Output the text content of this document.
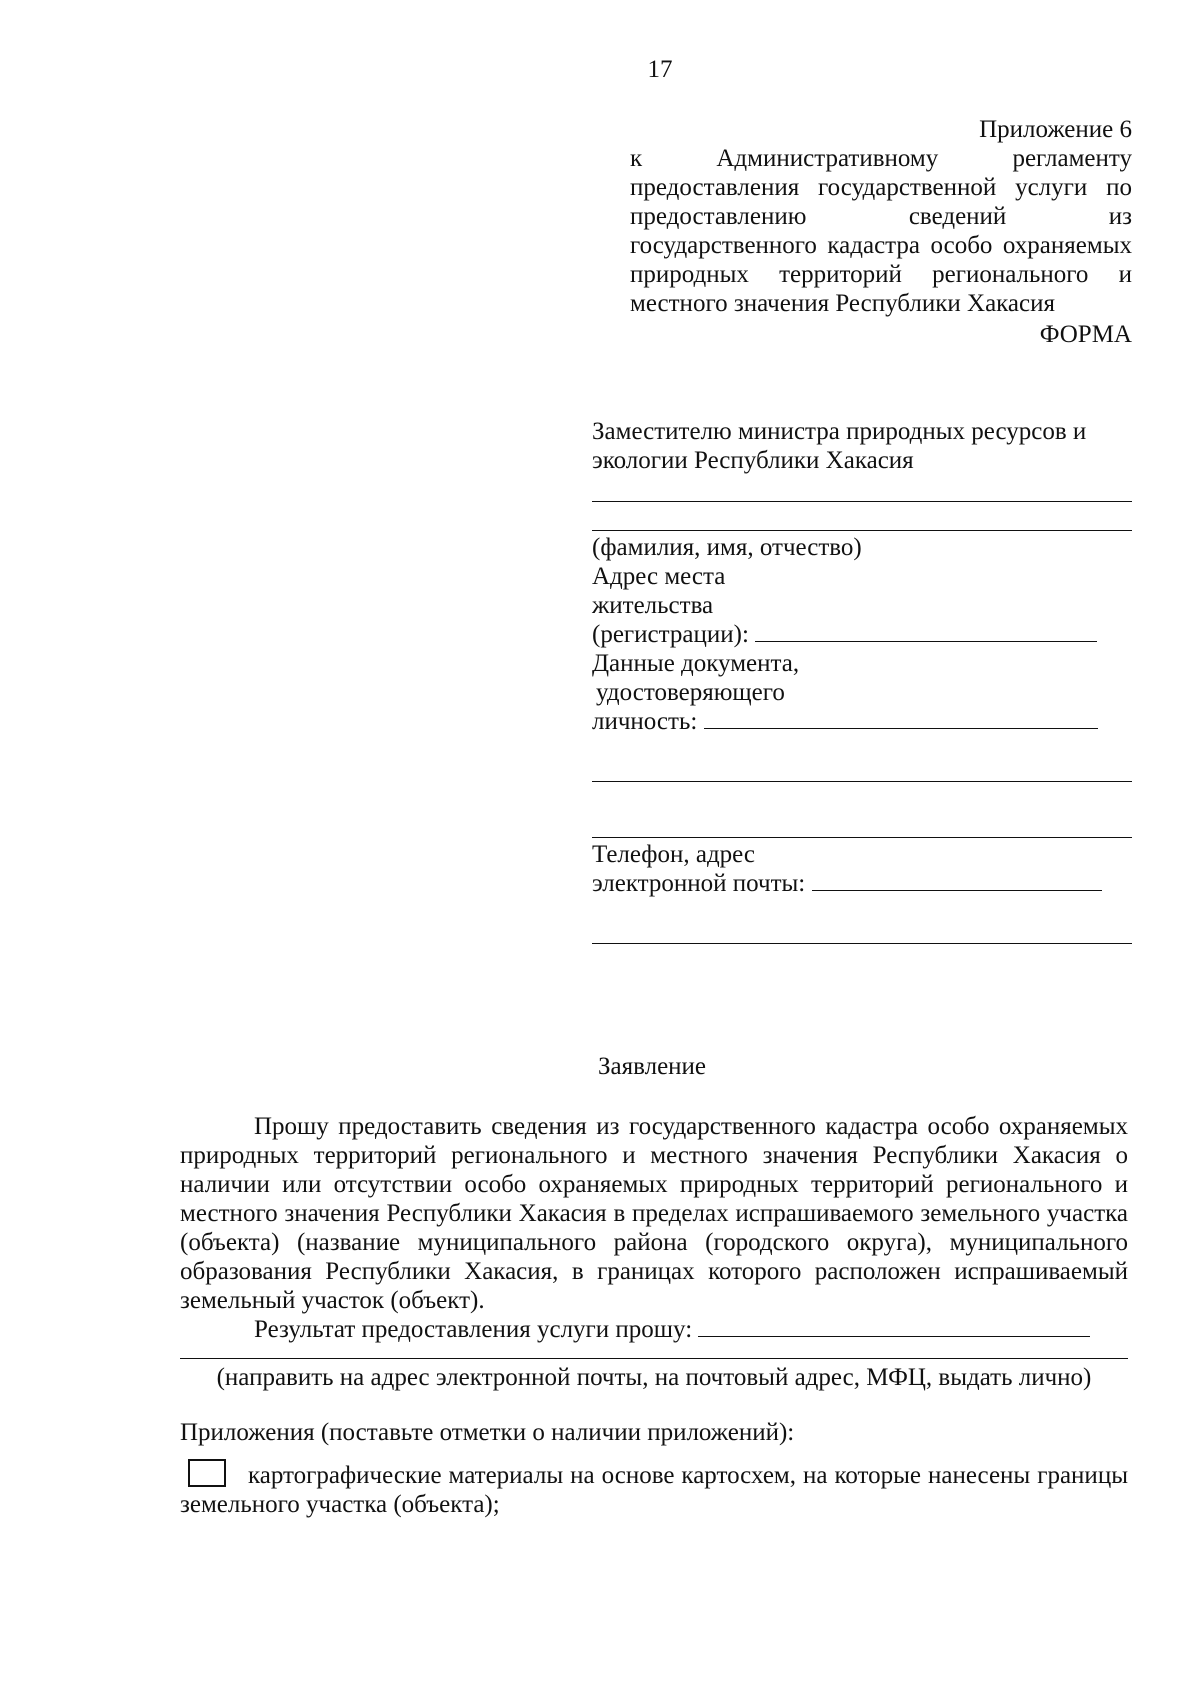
17
Приложение 6
к Административному регламенту
предоставления государственной услуги по предоставлению сведений из государственного кадастра особо охраняемых природных территорий регионального и местного значения Республики Хакасия
ФОРМА
Заместителю министра природных ресурсов и экологии Республики Хакасия
(фамилия, имя, отчество)
Адрес места
жительства
(регистрации):
Данные документа,
удостоверяющего
личность:
Телефон, адрес
электронной почты:
Заявление

Прошу предоставить сведения из государственного кадастра особо охраняемых природных территорий регионального и местного значения Республики Хакасия о наличии или отсутствии особо охраняемых природных территорий регионального и местного значения Республики Хакасия в пределах испрашиваемого земельного участка (объекта) (название муниципального района (городского округа), муниципального образования Республики Хакасия, в границах которого расположен испрашиваемый земельный участок (объект).

Результат предоставления услуги прошу:

(направить на адрес электронной почты, на почтовый адрес, МФЦ, выдать лично)

Приложения (поставьте отметки о наличии приложений):

картографические материалы на основе картосхем, на которые нанесены границы земельного участка (объекта);
